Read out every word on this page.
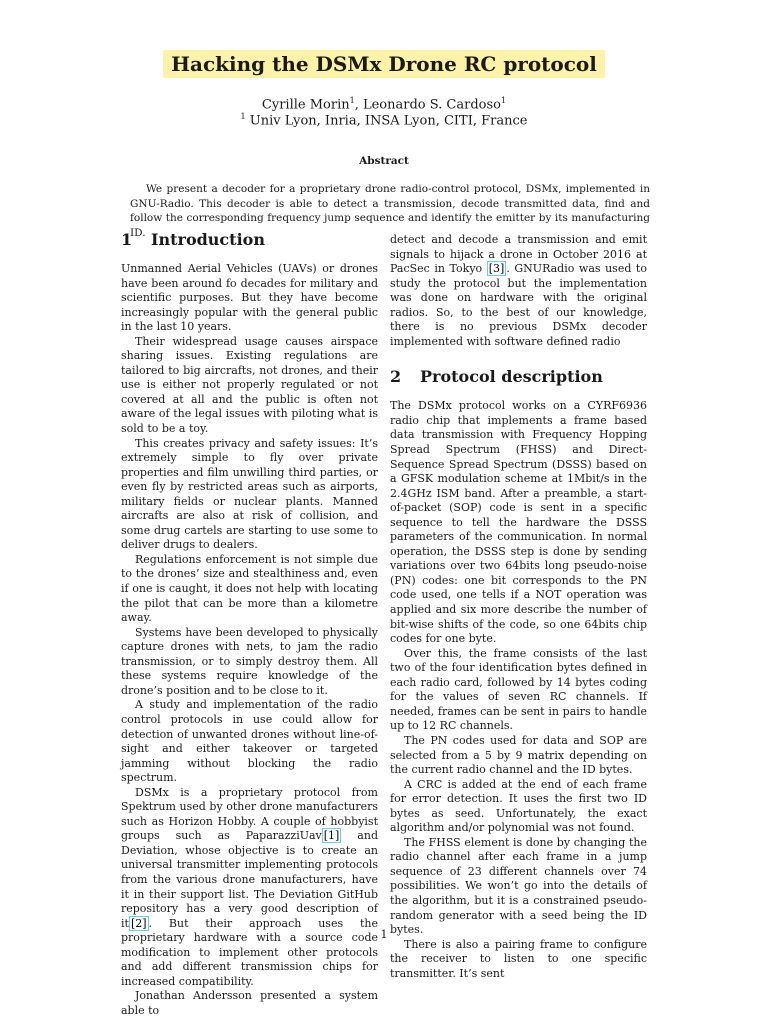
Hacking the DSMx Drone RC protocol
Cyrille Morin$^1$, Leonardo S. Cardoso$^1$
$^1$ Univ Lyon, Inria, INSA Lyon, CITI, France
Abstract
We present a decoder for a proprietary drone radio-control protocol, DSMx, implemented in GNU-Radio. This decoder is able to detect a transmission, decode transmitted data, find and follow the corresponding frequency jump sequence and identify the emitter by its manufacturing ID.
1 Introduction

Unmanned Aerial Vehicles (UAVs) or drones have been around fo decades for military and scientific purposes. But they have become increasingly popular with the general public in the last 10 years.

Their widespread usage causes airspace sharing issues. Existing regulations are tailored to big aircrafts, not drones, and their use is either not properly regulated or not covered at all and the public is often not aware of the legal issues with piloting what is sold to be a toy.

This creates privacy and safety issues: It’s extremely simple to fly over private properties and film unwilling third parties, or even fly by restricted areas such as airports, military fields or nuclear plants. Manned aircrafts are also at risk of collision, and some drug cartels are starting to use some to deliver drugs to dealers.

Regulations enforcement is not simple due to the drones’ size and stealthiness and, even if one is caught, it does not help with locating the pilot that can be more than a kilometre away.

Systems have been developed to physically capture drones with nets, to jam the radio transmission, or to simply destroy them. All these systems require knowledge of the drone’s position and to be close to it.

A study and implementation of the radio control protocols in use could allow for detection of unwanted drones without line-of-sight and either takeover or targeted jamming without blocking the radio spectrum.

DSMx is a proprietary protocol from Spektrum used by other drone manufacturers such as Horizon Hobby. A couple of hobbyist groups such as PaparazziUav [1] and Deviation, whose objective is to create an universal transmitter implementing protocols from the various drone manufacturers, have it in their support list. The Deviation GitHub repository has a very good description of it [2] . But their approach uses the proprietary hardware with a source code modification to implement other protocols and add different transmission chips for increased compatibility.

Jonathan Andersson presented a system able to

detect and decode a transmission and emit signals to hijack a drone in October 2016 at PacSec in Tokyo [3] . GNURadio was used to study the protocol but the implementation was done on hardware with the original radios. So, to the best of our knowledge, there is no previous DSMx decoder implemented with software defined radio

2 Protocol description

The DSMx protocol works on a CYRF6936 radio chip that implements a frame based data transmission with Frequency Hopping Spread Spectrum (FHSS) and Direct-Sequence Spread Spectrum (DSSS) based on a GFSK modulation scheme at 1Mbit/s in the 2.4GHz ISM band. After a preamble, a start-of-packet (SOP) code is sent in a specific sequence to tell the hardware the DSSS parameters of the communication. In normal operation, the DSSS step is done by sending variations over two 64bits long pseudo-noise (PN) codes: one bit corresponds to the PN code used, one tells if a NOT operation was applied and six more describe the number of bit-wise shifts of the code, so one 64bits chip codes for one byte.

Over this, the frame consists of the last two of the four identification bytes defined in each radio card, followed by 14 bytes coding for the values of seven RC channels. If needed, frames can be sent in pairs to handle up to 12 RC channels.

The PN codes used for data and SOP are selected from a 5 by 9 matrix depending on the current radio channel and the ID bytes.

A CRC is added at the end of each frame for error detection. It uses the first two ID bytes as seed. Unfortunately, the exact algorithm and/or polynomial was not found.

The FHSS element is done by changing the radio channel after each frame in a jump sequence of 23 different channels over 74 possibilities. We won’t go into the details of the algorithm, but it is a constrained pseudo-random generator with a seed being the ID bytes.

There is also a pairing frame to configure the receiver to listen to one specific transmitter. It’s sent

1
